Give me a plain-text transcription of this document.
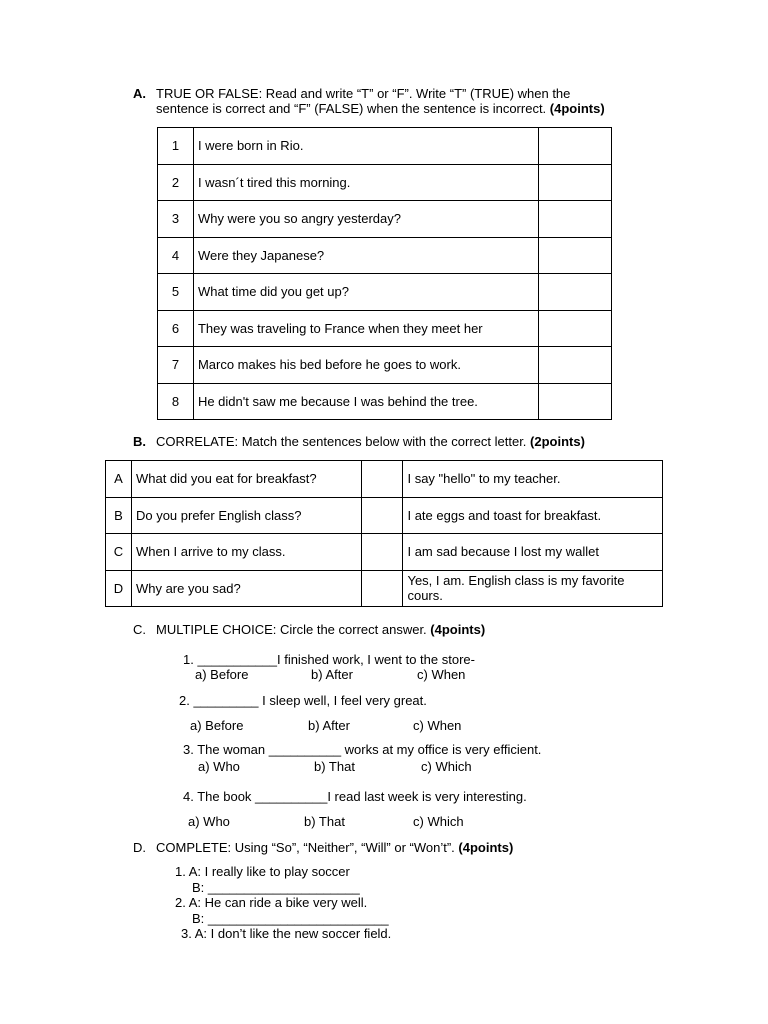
A. TRUE OR FALSE: Read and write “T” or “F”. Write “T” (TRUE) when the
sentence is correct and “F” (FALSE) when the sentence is incorrect. (4points)
1	I were born in Rio.	
2	I wasn´t tired this morning.	
3	Why were you so angry yesterday?	
4	Were they Japanese?	
5	What time did you get up?	
6	They was traveling to France when they meet her	
7	Marco makes his bed before he goes to work.	
8	He didn't saw me because I was behind the tree.	
B. CORRELATE: Match the sentences below with the correct letter. (2points)
A	What did you eat for breakfast?		I say "hello" to my teacher.
B	Do you prefer English class?		I ate eggs and toast for breakfast.
C	When I arrive to my class.		I am sad because I lost my wallet
D	Why are you sad?		Yes, I am. English class is my favorite cours.
C. MULTIPLE CHOICE: Circle the correct answer. (4points)
1. ___________I finished work, I went to the store-
a) Before	b) After	c) When
2. _________ I sleep well, I feel very great.
a) Before	b) After	c) When
3. The woman __________ works at my office is very efficient.
a) Who	b) That	c) Which
4. The book __________I read last week is very interesting.
a) Who	b) That	c) Which
D. COMPLETE: Using “So”, “Neither”, “Will” or “Won’t”. (4points)
1. A: I really like to play soccer
B: _____________________
2. A: He can ride a bike very well.
B: _________________________
3. A: I don’t like the new soccer field.
